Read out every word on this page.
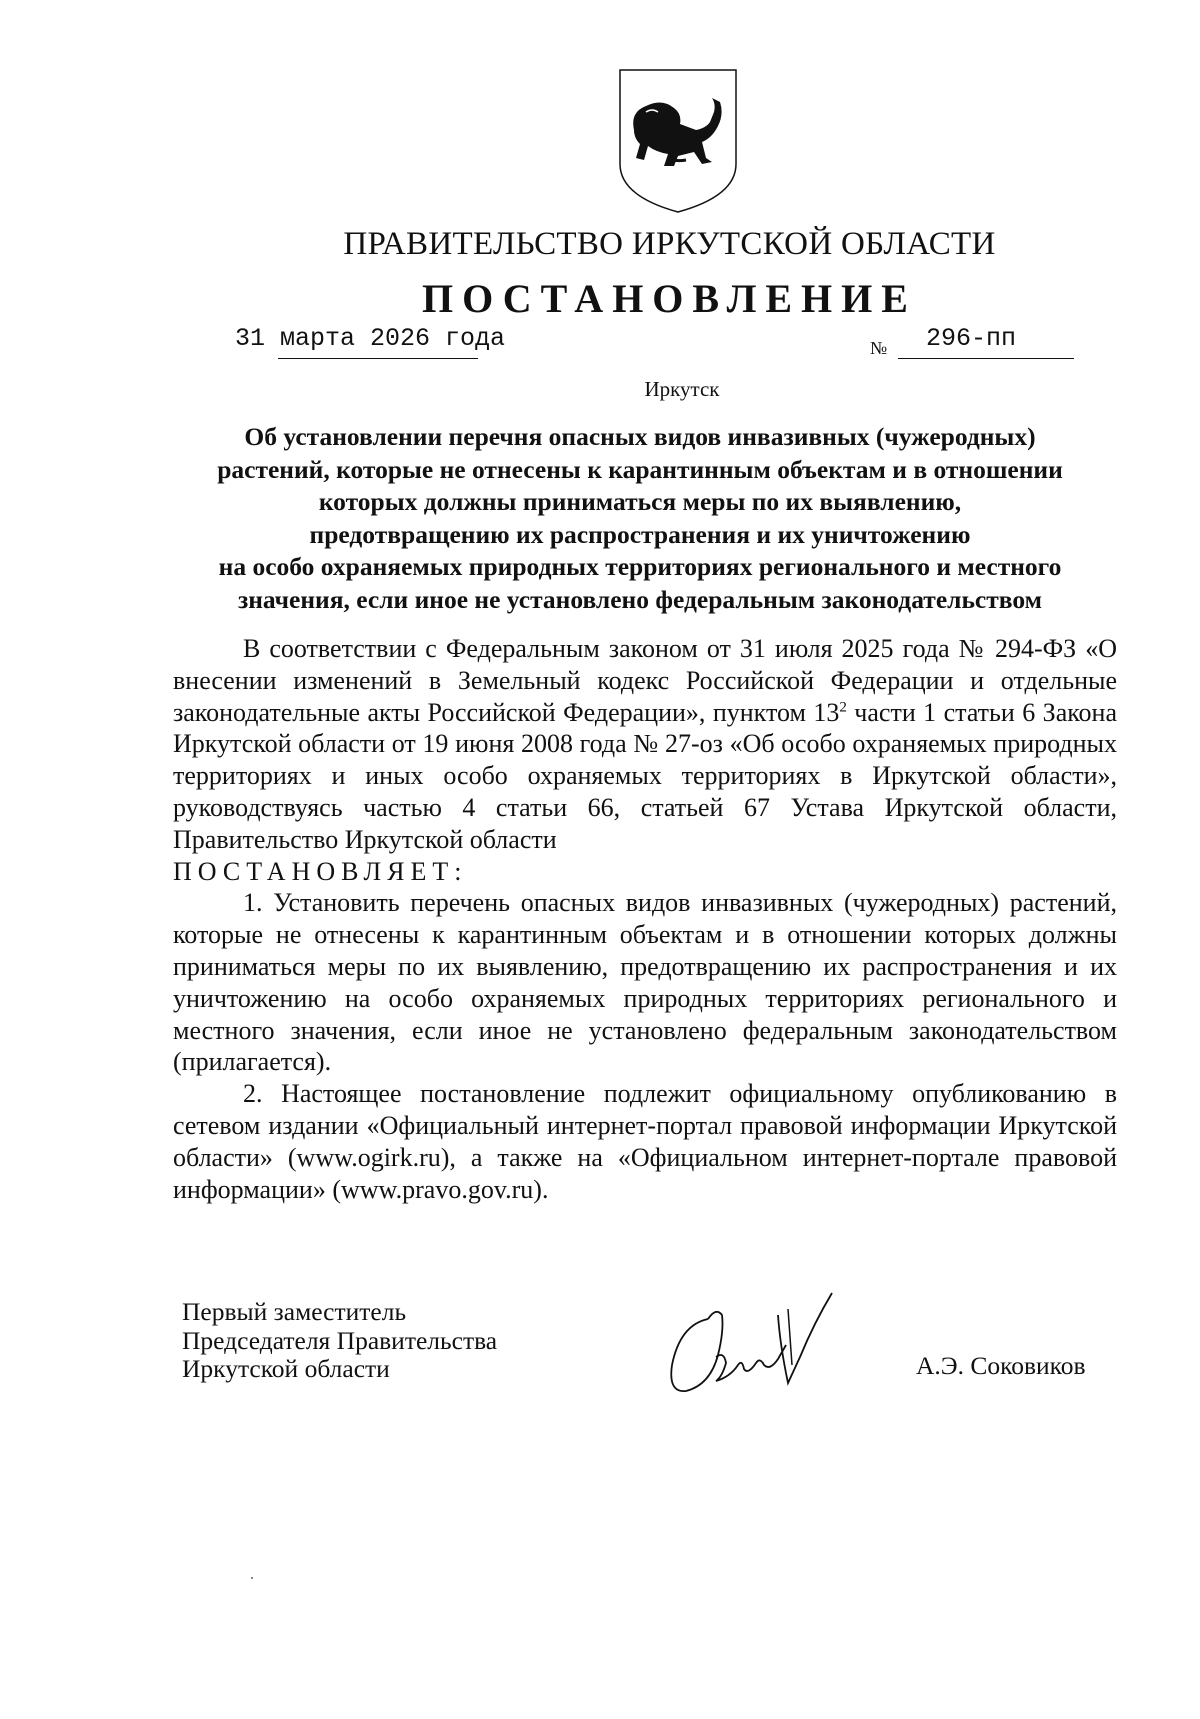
ПРАВИТЕЛЬСТВО ИРКУТСКОЙ ОБЛАСТИ
ПОСТАНОВЛЕНИЕ
31 марта 2026 года	№ 296-пп
Иркутск
Об установлении перечня опасных видов инвазивных (чужеродных)
растений, которые не отнесены к карантинным объектам и в отношении
которых должны приниматься меры по их выявлению,
предотвращению их распространения и их уничтожению
на особо охраняемых природных территориях регионального и местного
значения, если иное не установлено федеральным законодательством

В соответствии с Федеральным законом от 31 июля 2025 года № 294-ФЗ «О внесении изменений в Земельный кодекс Российской Федерации и отдельные законодательные акты Российской Федерации», пунктом $13^2$ части 1 статьи 6 Закона Иркутской области от 19 июня 2008 года № 27-оз «Об особо охраняемых природных территориях и иных особо охраняемых территориях в Иркутской области», руководствуясь частью 4 статьи 66, статьей 67 Устава Иркутской области, Правительство Иркутской области

ПОСТАНОВЛЯЕТ:

1. Установить перечень опасных видов инвазивных (чужеродных) растений, которые не отнесены к карантинным объектам и в отношении которых должны приниматься меры по их выявлению, предотвращению их распространения и их уничтожению на особо охраняемых природных территориях регионального и местного значения, если иное не установлено федеральным законодательством (прилагается).

2. Настоящее постановление подлежит официальному опубликованию в сетевом издании «Официальный интернет-портал правовой информации Иркутской области» (www.ogirk.ru), а также на «Официальном интернет-портале правовой информации» (www.pravo.gov.ru).

Первый заместитель
Председателя Правительства
Иркутской области	А.Э. Соковиков
